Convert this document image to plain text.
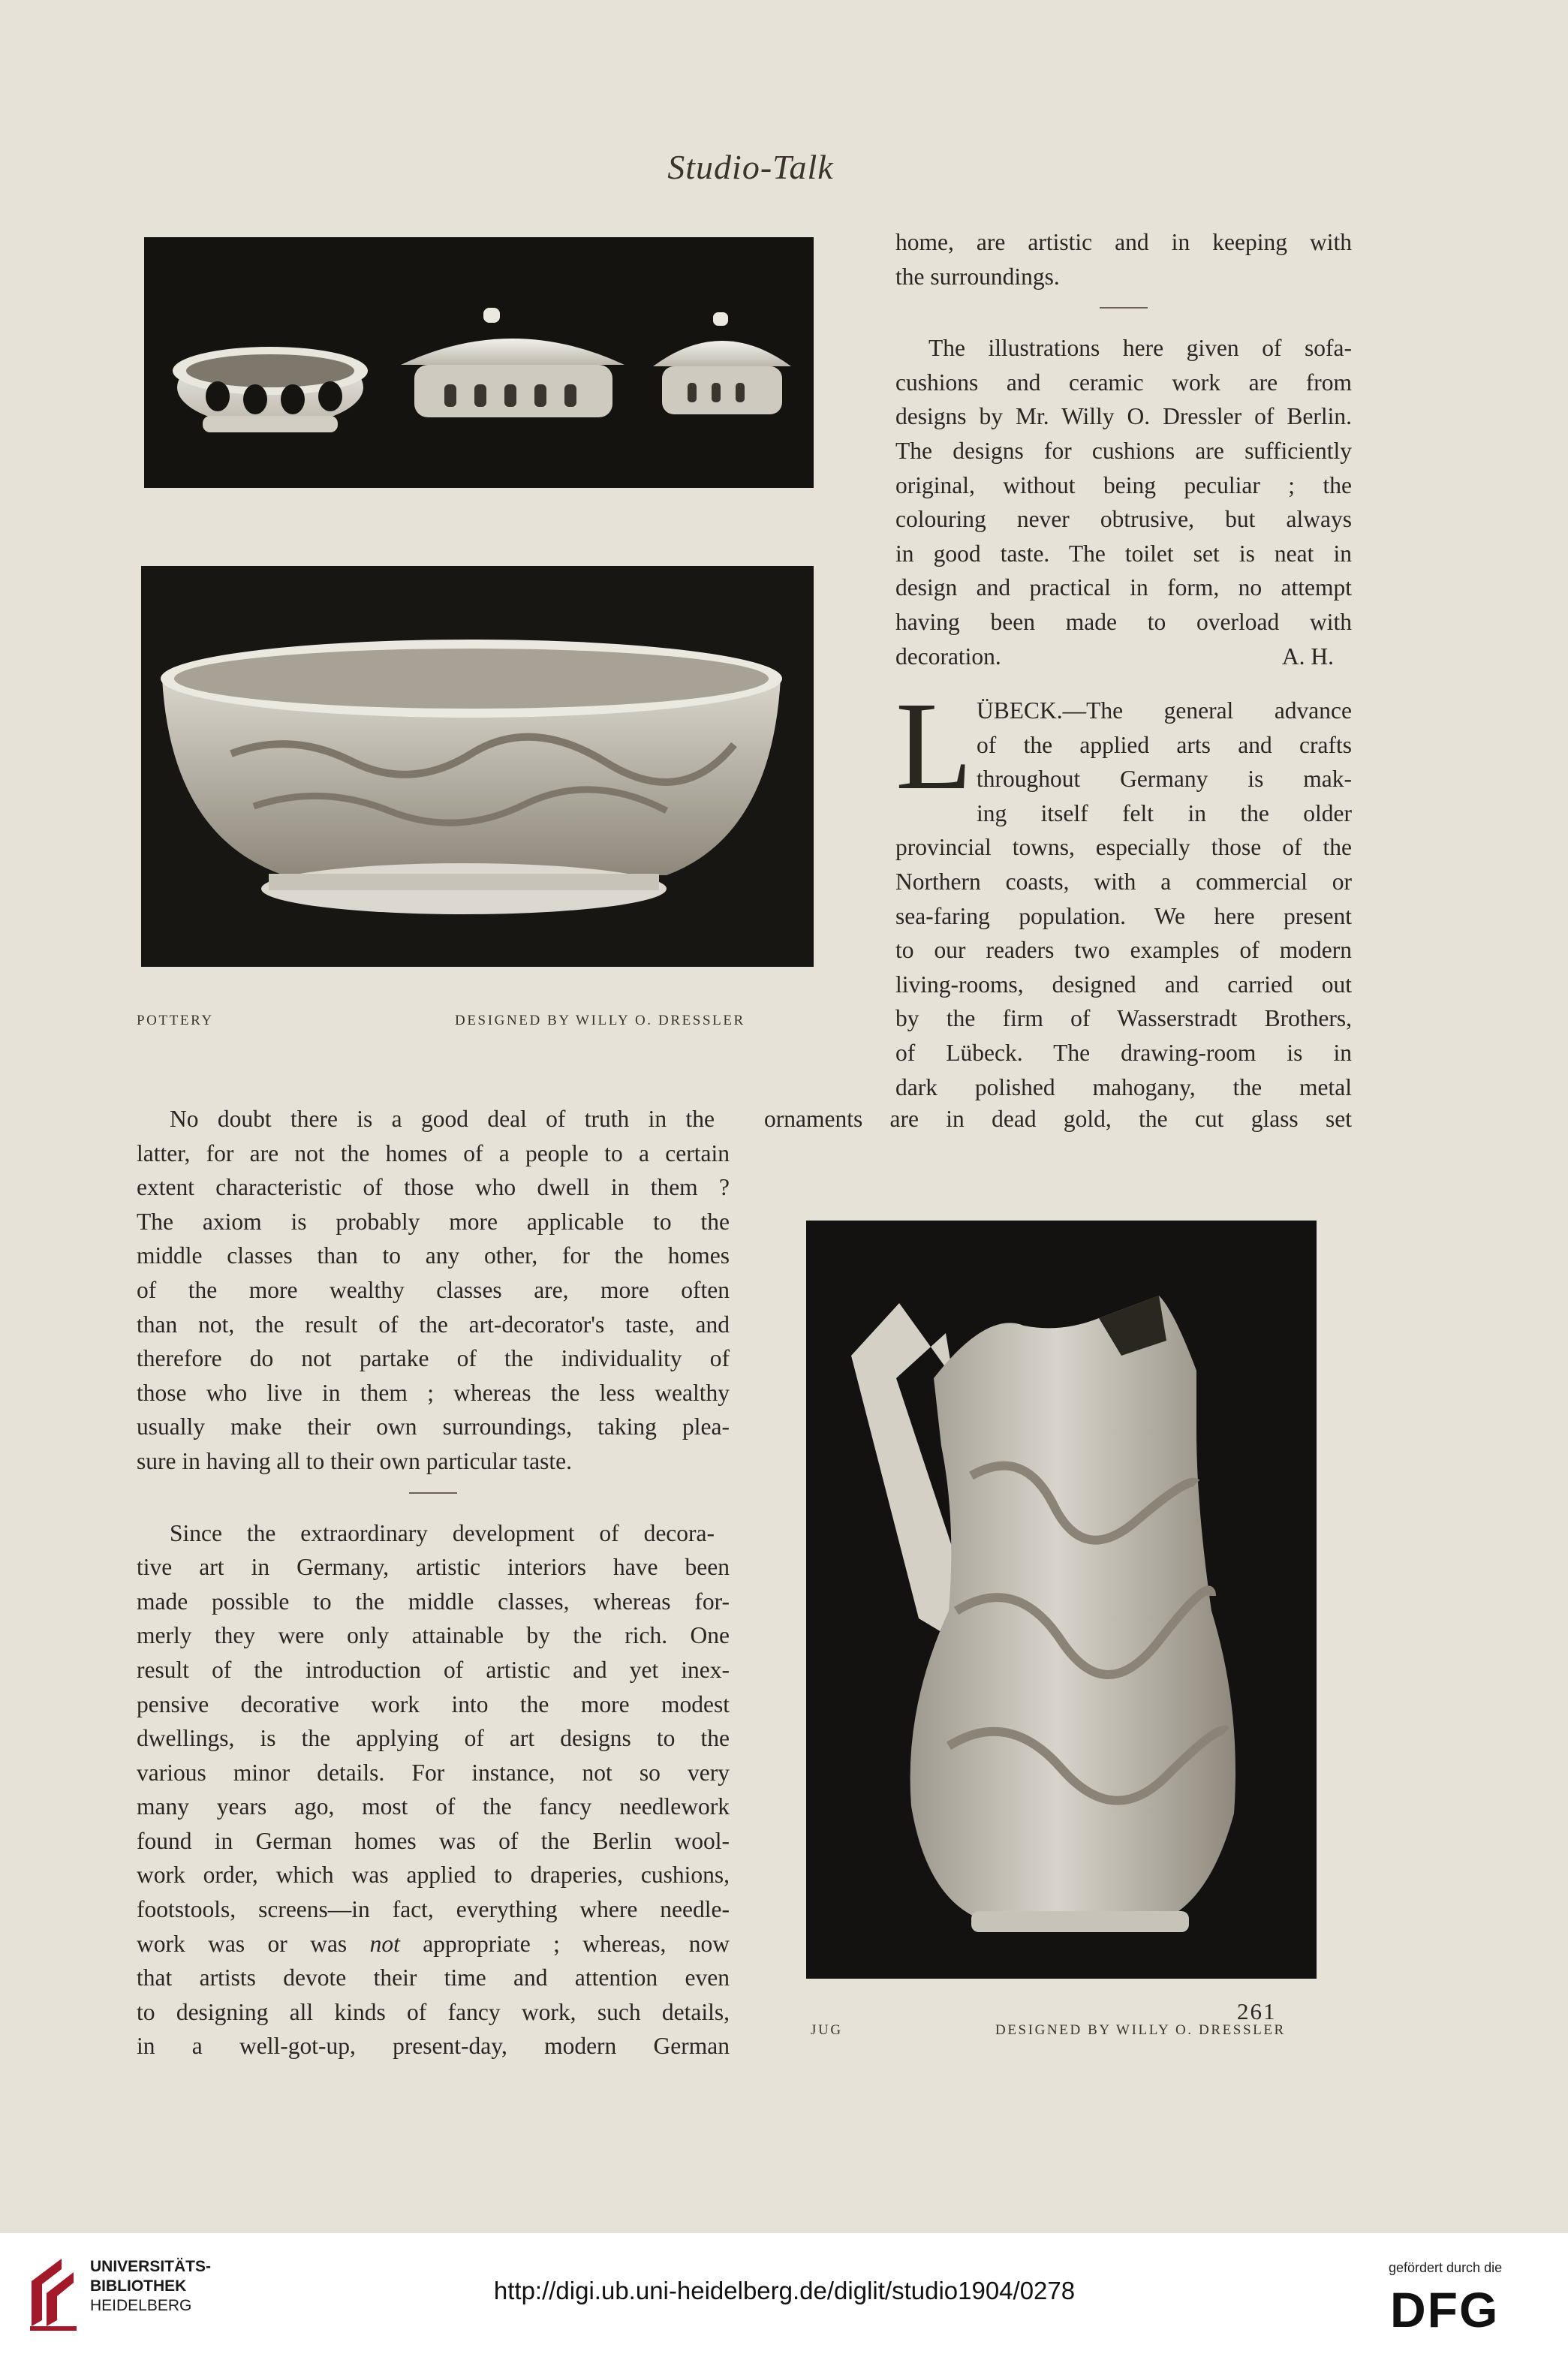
Studio-Talk
POTTERY	DESIGNED BY WILLY O. DRESSLER

home, are artistic and in keeping with
the surroundings.

The illustrations here given of sofa-
cushions and ceramic work are from
designs by Mr. Willy O. Dressler of Berlin.
The designs for cushions are sufficiently
original, without being peculiar ; the
colouring never obtrusive, but always
in good taste. The toilet set is neat in
design and practical in form, no attempt
having been made to overload with
decoration.	A. H.

L ÜBECK.—The general advance
of the applied arts and crafts
throughout Germany is mak-
ing itself felt in the older
provincial towns, especially those of the
Northern coasts, with a commercial or
sea-faring population. We here present
to our readers two examples of modern
living-rooms, designed and carried out
by the firm of Wasserstradt Brothers,
of Lübeck. The drawing-room is in
dark polished mahogany, the metal
ornaments are in dead gold, the cut glass set
No doubt there is a good deal of truth in the
latter, for are not the homes of a people to a certain
extent characteristic of those who dwell in them ?
The axiom is probably more applicable to the
middle classes than to any other, for the homes
of the more wealthy classes are, more often
than not, the result of the art-decorator's taste, and
therefore do not partake of the individuality of
those who live in them ; whereas the less wealthy
usually make their own surroundings, taking plea-
sure in having all to their own particular taste.
Since the extraordinary development of decora-
tive art in Germany, artistic interiors have been
made possible to the middle classes, whereas for-
merly they were only attainable by the rich. One
result of the introduction of artistic and yet inex-
pensive decorative work into the more modest
dwellings, is the applying of art designs to the
various minor details. For instance, not so very
many years ago, most of the fancy needlework
found in German homes was of the Berlin wool-
work order, which was applied to draperies, cushions,
footstools, screens—in fact, everything where needle-
work was or was not appropriate ; whereas, now
that artists devote their time and attention even
to designing all kinds of fancy work, such details,
in a well-got-up, present-day, modern German
JUG	DESIGNED BY WILLY O. DRESSLER
261
UNIVERSITÄTS-
BIBLIOTHEK
HEIDELBERG
http://digi.ub.uni-heidelberg.de/diglit/studio1904/0278
gefördert durch die
DFG
